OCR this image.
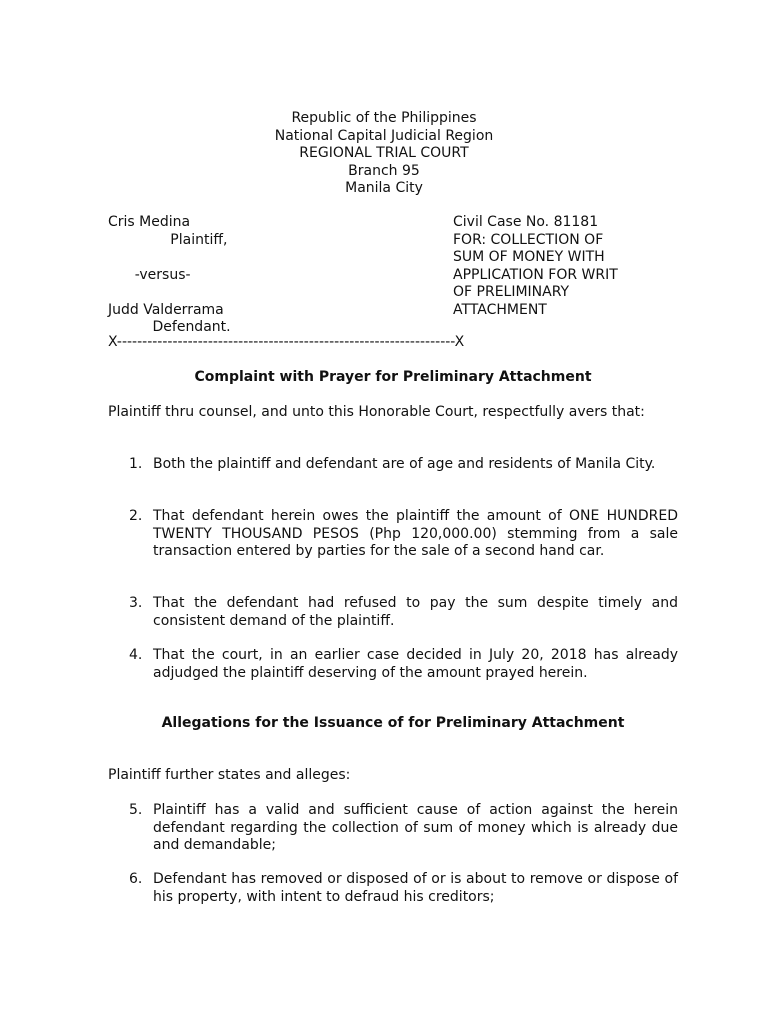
Republic of the Philippines
National Capital Judicial Region
REGIONAL TRIAL COURT
Branch 95
Manila City
Cris Medina
Plaintiff,
-versus-
Judd Valderrama
Defendant.
Civil Case No. 81181
FOR: COLLECTION OF
SUM OF MONEY WITH
APPLICATION FOR WRIT
OF PRELIMINARY
ATTACHMENT
X-------------------------------------------------------------------X
Complaint with Prayer for Preliminary Attachment
Plaintiff thru counsel, and unto this Honorable Court, respectfully avers that:
1. Both the plaintiff and defendant are of age and residents of Manila City.
2. That defendant herein owes the plaintiff the amount of ONE HUNDRED TWENTY THOUSAND PESOS (Php 120,000.00) stemming from a sale transaction entered by parties for the sale of a second hand car.
3. That the defendant had refused to pay the sum despite timely and consistent demand of the plaintiff.
4. That the court, in an earlier case decided in July 20, 2018 has already adjudged the plaintiff deserving of the amount prayed herein.
Allegations for the Issuance of for Preliminary Attachment
Plaintiff further states and alleges:
5. Plaintiff has a valid and sufficient cause of action against the herein defendant regarding the collection of sum of money which is already due and demandable;
6. Defendant has removed or disposed of or is about to remove or dispose of his property, with intent to defraud his creditors;
